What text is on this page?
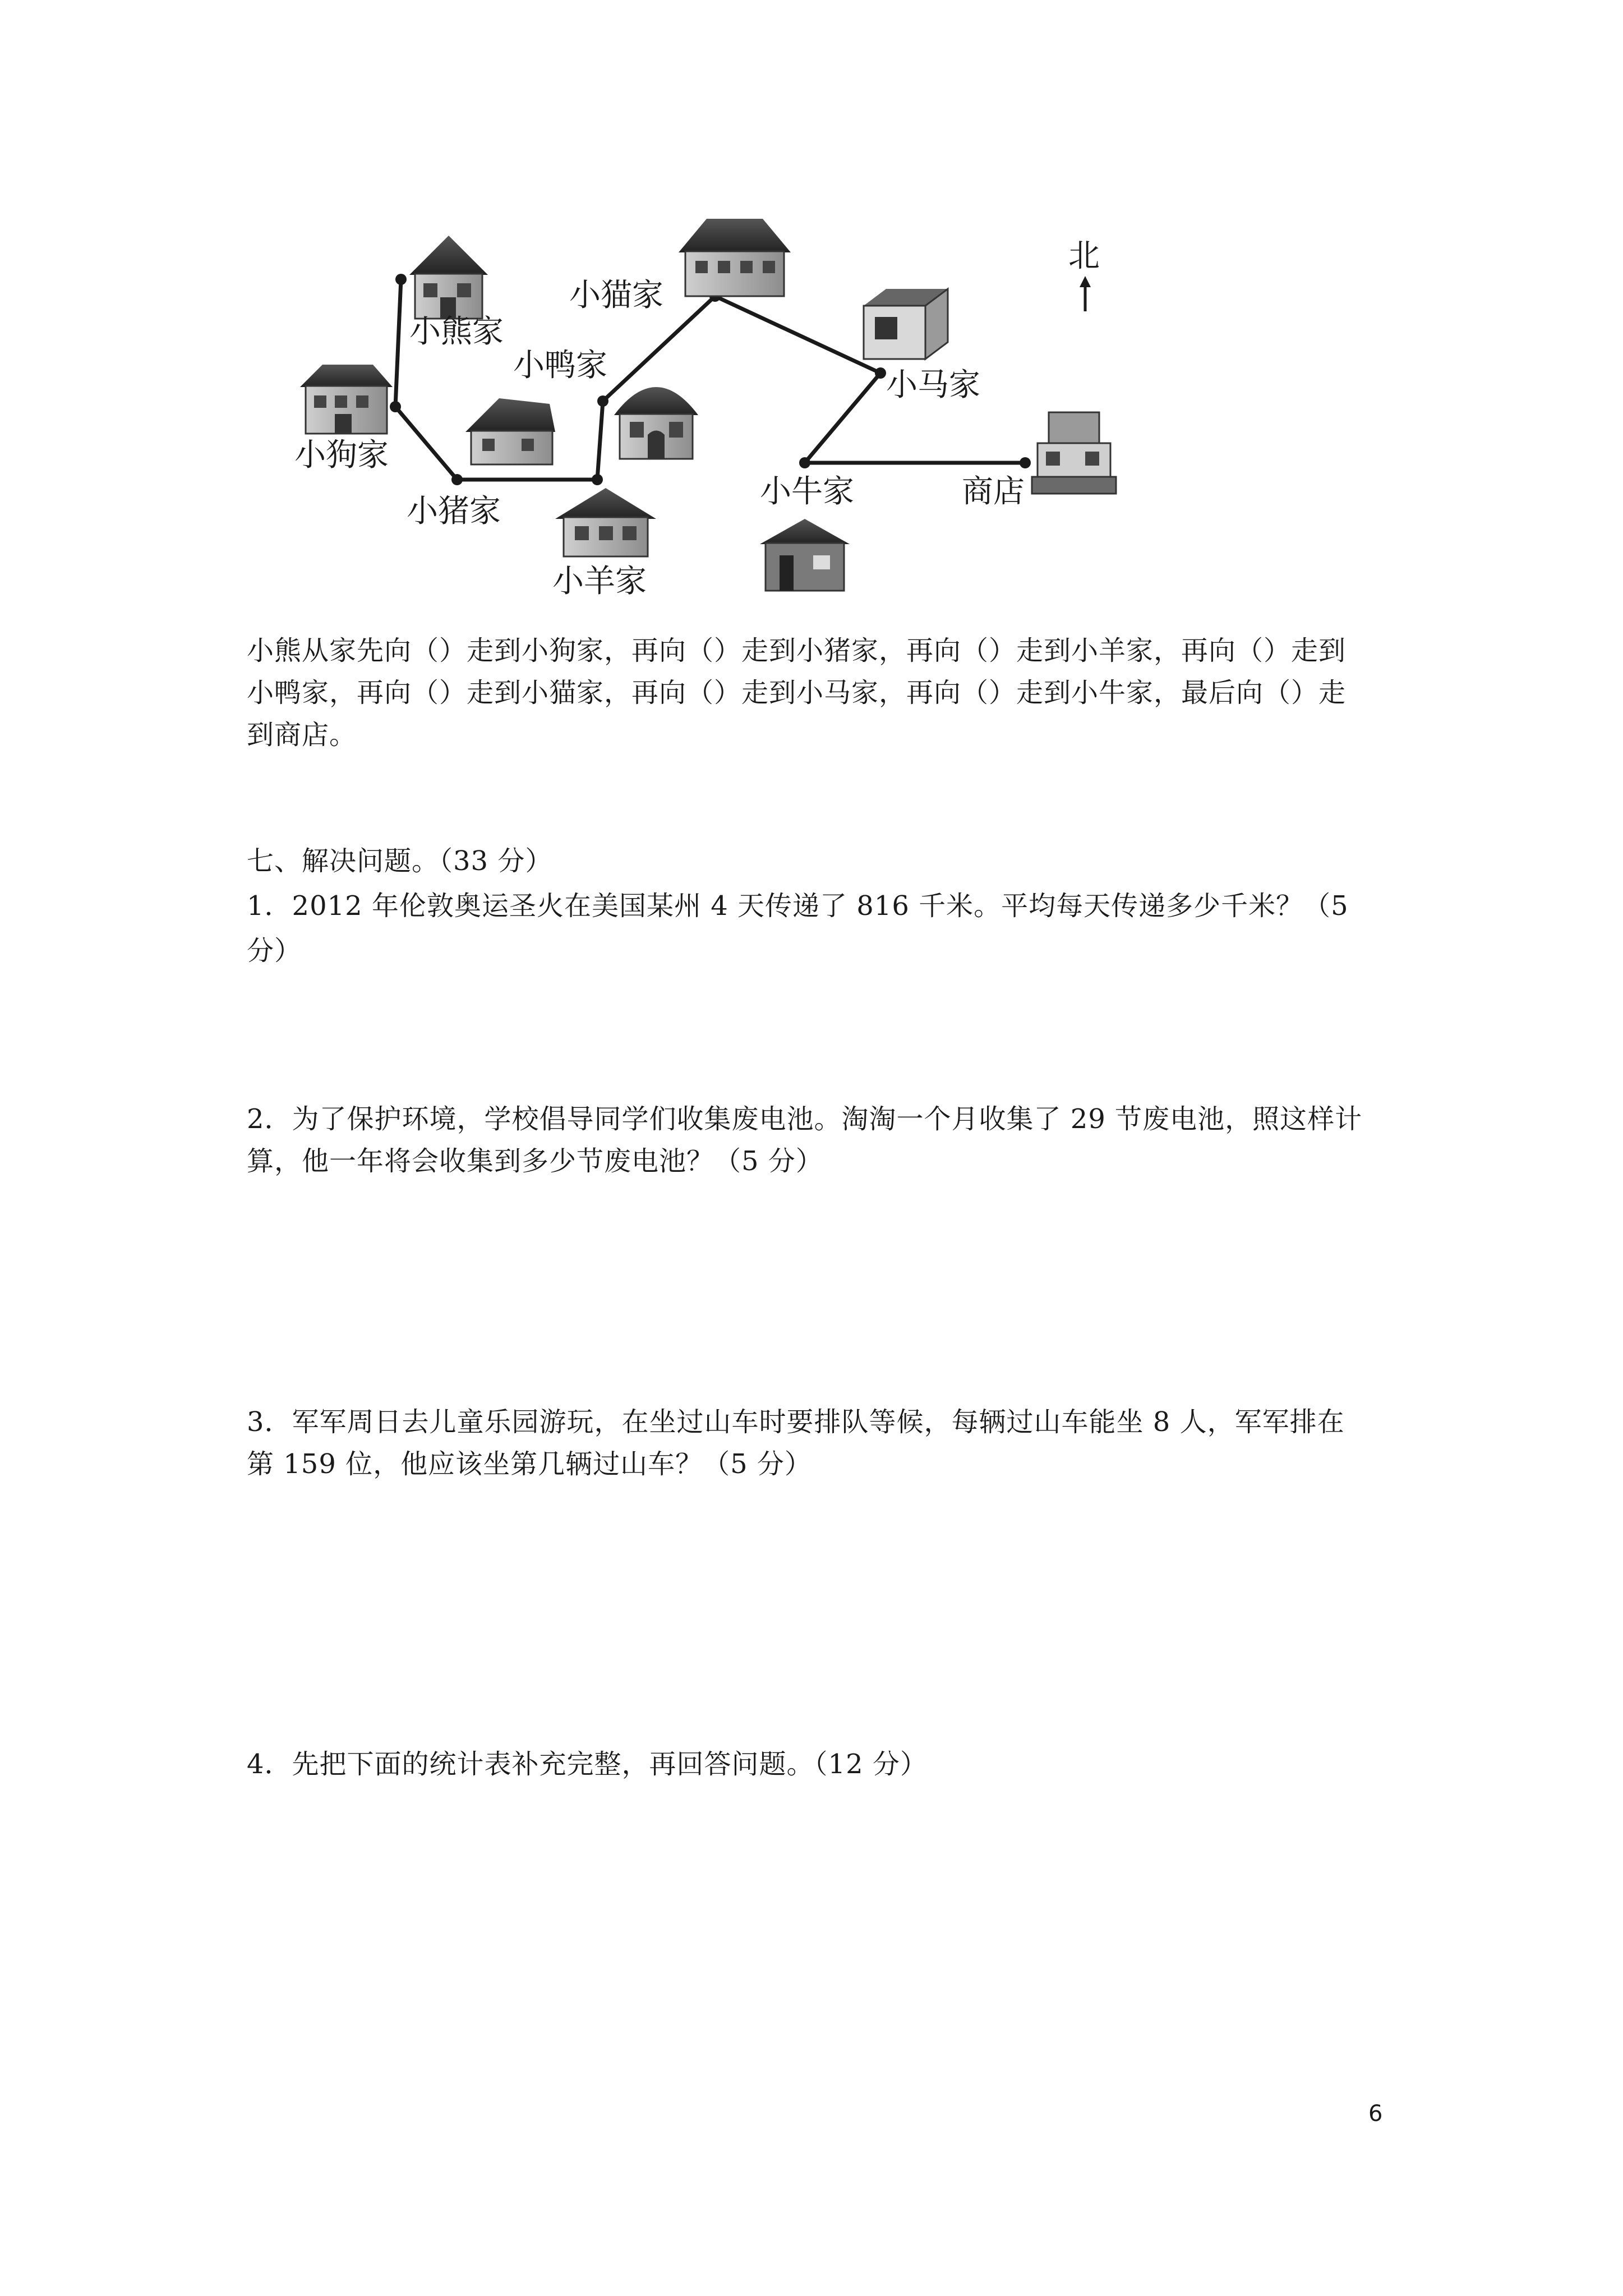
北
小熊家
小狗家
小猪家
小羊家
小鸭家
小猫家
小马家
小牛家	商店

小熊从家先向（）走到小狗家，再向（）走到小猪家，再向（）走到小羊家，再向（）走到

小鸭家，再向（）走到小猫家，再向（）走到小马家，再向（）走到小牛家，最后向（）走

到商店。

七、解决问题。（33 分）

1．2012 年伦敦奥运圣火在美国某州 4 天传递了 816 千米。平均每天传递多少千米？（5 分）

2．为了保护环境，学校倡导同学们收集废电池。淘淘一个月收集了 29 节废电池，照这样计

算，他一年将会收集到多少节废电池？（5 分）

3．军军周日去儿童乐园游玩，在坐过山车时要排队等候，每辆过山车能坐 8 人，军军排在

第 159 位，他应该坐第几辆过山车？（5 分）

4．先把下面的统计表补充完整，再回答问题。（12 分）

6
